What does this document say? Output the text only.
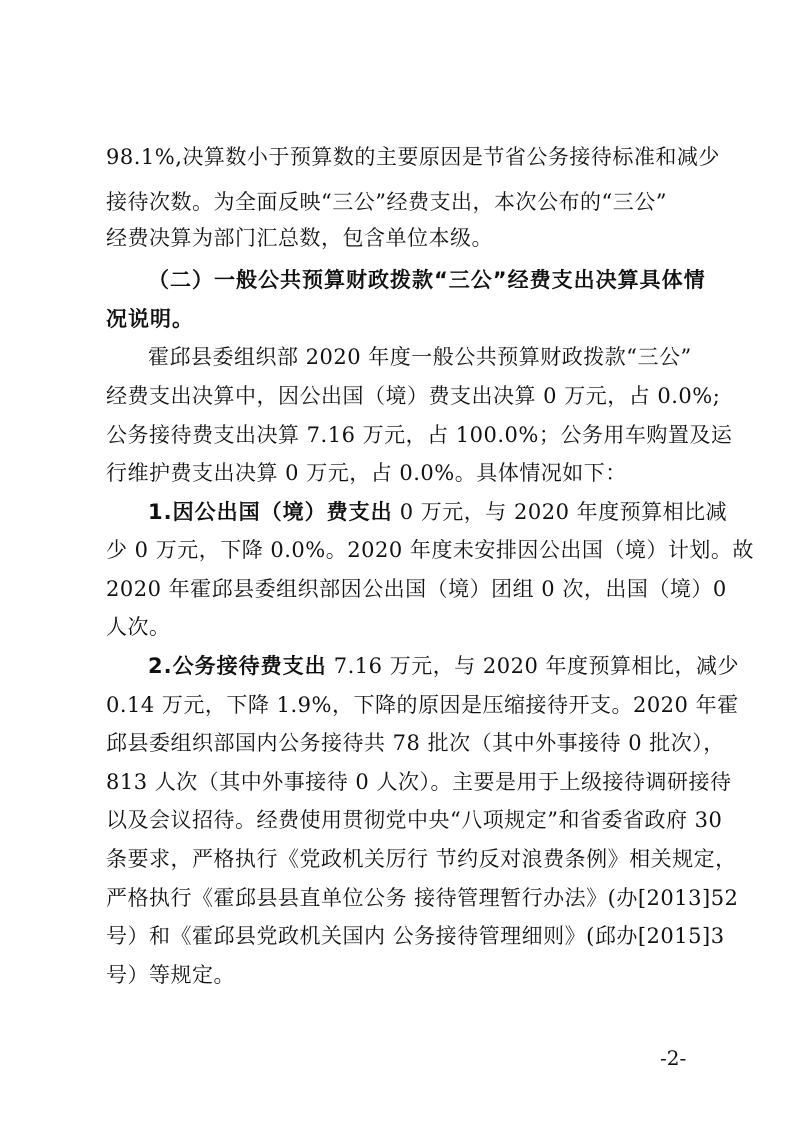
98.1%,决算数小于预算数的主要原因是节省公务接待标准和减少
接待次数。为全面反映“三公”经费支出，本次公布的“三公”
经费决算为部门汇总数，包含单位本级。
（二）一般公共预算财政拨款“三公”经费支出决算具体情
况说明。
霍邱县委组织部 2020 年度一般公共预算财政拨款“三公”
经费支出决算中，因公出国（境）费支出决算 0 万元，占 0.0%;
公务接待费支出决算 7.16 万元，占 100.0%；公务用车购置及运
行维护费支出决算 0 万元，占 0.0%。具体情况如下：
1.因公出国（境）费支出 0 万元，与 2020 年度预算相比减
少 0 万元，下降 0.0%。2020 年度未安排因公出国（境）计划。故
2020 年霍邱县委组织部因公出国（境）团组 0 次，出国（境）0
人次。
2.公务接待费支出 7.16 万元，与 2020 年度预算相比，减少
0.14 万元，下降 1.9%，下降的原因是压缩接待开支。2020 年霍
邱县委组织部国内公务接待共 78 批次（其中外事接待 0 批次），
813 人次（其中外事接待 0 人次）。主要是用于上级接待调研接待
以及会议招待。经费使用贯彻党中央“八项规定”和省委省政府 30
条要求，严格执行《党政机关厉行 节约反对浪费条例》相关规定，
严格执行《霍邱县县直单位公务 接待管理暂行办法》(办[2013]52
号）和《霍邱县党政机关国内 公务接待管理细则》(邱办[2015]3
号）等规定。
-2-
